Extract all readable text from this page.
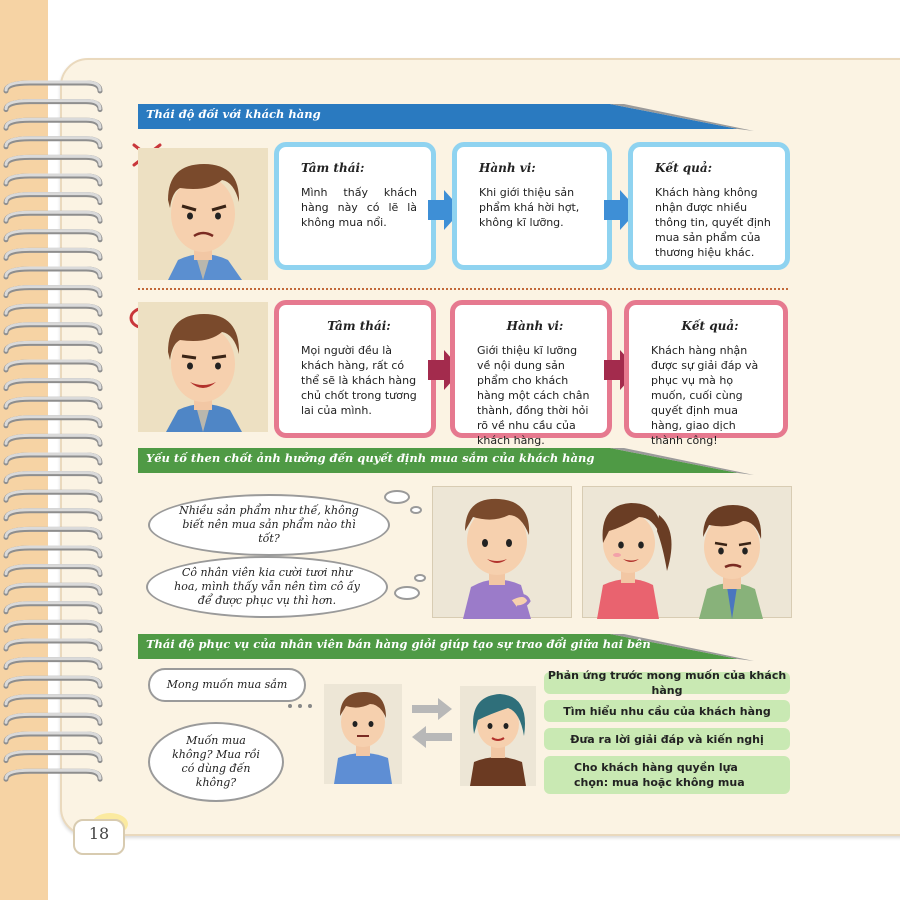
Thái độ đối với khách hàng
Tâm thái:
Mình thấy khách hàng này có lẽ là không mua nổi.
Hành vi:
Khi giới thiệu sản phẩm khá hời hợt, không kĩ lưỡng.
Kết quả:
Khách hàng không nhận được nhiều thông tin, quyết định mua sản phẩm của thương hiệu khác.
Tâm thái:
Mọi người đều là khách hàng, rất có thể sẽ là khách hàng chủ chốt trong tương lai của mình.
Hành vi:
Giới thiệu kĩ lưỡng về nội dung sản phẩm cho khách hàng một cách chân thành, đồng thời hỏi rõ về nhu cầu của khách hàng.
Kết quả:
Khách hàng nhận được sự giải đáp và phục vụ mà họ muốn, cuối cùng quyết định mua hàng, giao dịch thành công!
Yếu tố then chốt ảnh hưởng đến quyết định mua sắm của khách hàng
Nhiều sản phẩm như thế, không biết nên mua sản phẩm nào thì tốt?
Cô nhân viên kia cười tươi như hoa, mình thấy vẫn nên tìm cô ấy để được phục vụ thì hơn.
Thái độ phục vụ của nhân viên bán hàng giỏi giúp tạo sự trao đổi giữa hai bên
Mong muốn mua sắm
Muốn mua không? Mua rồi có dùng đến không?
Phản ứng trước mong muốn của khách hàng
Tìm hiểu nhu cầu của khách hàng
Đưa ra lời giải đáp và kiến nghị
Cho khách hàng quyền lựa chọn: mua hoặc không mua
18
